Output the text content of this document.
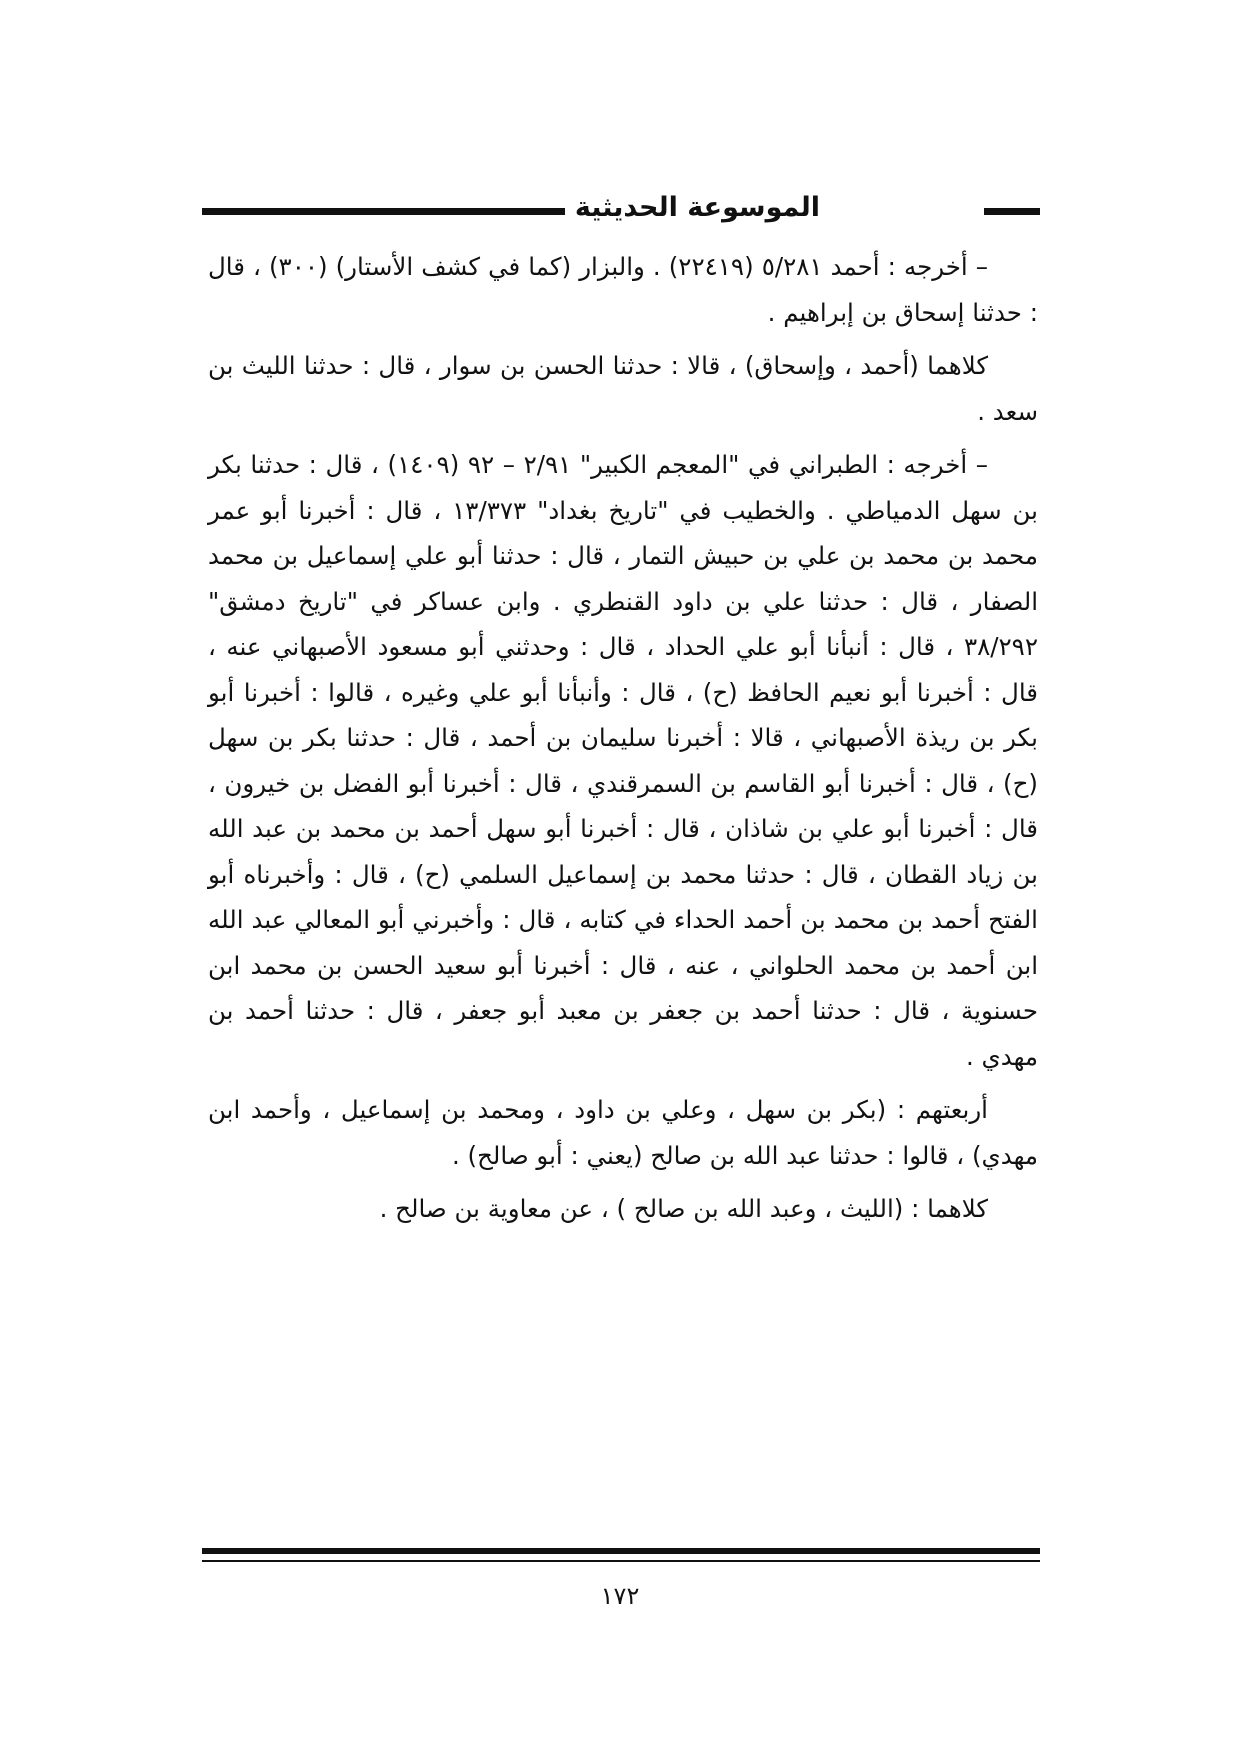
الموسوعة الحديثية

– أخرجه : أحمد ٥/٢٨١ (٢٢٤١٩) . والبزار (كما في كشف الأستار) (٣٠٠) ، قال : حدثنا إسحاق بن إبراهيم .

كلاهما (أحمد ، وإسحاق) ، قالا : حدثنا الحسن بن سوار ، قال : حدثنا الليث بن سعد .

– أخرجه : الطبراني في "المعجم الكبير" ٢/٩١ – ٩٢ (١٤٠٩) ، قال : حدثنا بكر بن سهل الدمياطي . والخطيب في "تاريخ بغداد" ١٣/٣٧٣ ، قال : أخبرنا أبو عمر محمد بن محمد بن علي بن حبيش التمار ، قال : حدثنا أبو علي إسماعيل بن محمد الصفار ، قال : حدثنا علي بن داود القنطري . وابن عساكر في "تاريخ دمشق" ٣٨/٢٩٢ ، قال : أنبأنا أبو علي الحداد ، قال : وحدثني أبو مسعود الأصبهاني عنه ، قال : أخبرنا أبو نعيم الحافظ (ح) ، قال : وأنبأنا أبو علي وغيره ، قالوا : أخبرنا أبو بكر بن ريذة الأصبهاني ، قالا : أخبرنا سليمان بن أحمد ، قال : حدثنا بكر بن سهل (ح) ، قال : أخبرنا أبو القاسم بن السمرقندي ، قال : أخبرنا أبو الفضل بن خيرون ، قال : أخبرنا أبو علي بن شاذان ، قال : أخبرنا أبو سهل أحمد بن محمد بن عبد الله بن زياد القطان ، قال : حدثنا محمد بن إسماعيل السلمي (ح) ، قال : وأخبرناه أبو الفتح أحمد بن محمد بن أحمد الحداء في كتابه ، قال : وأخبرني أبو المعالي عبد الله ابن أحمد بن محمد الحلواني ، عنه ، قال : أخبرنا أبو سعيد الحسن بن محمد ابن حسنوية ، قال : حدثنا أحمد بن جعفر بن معبد أبو جعفر ، قال : حدثنا أحمد بن مهدي .

أربعتهم : (بكر بن سهل ، وعلي بن داود ، ومحمد بن إسماعيل ، وأحمد ابن مهدي) ، قالوا : حدثنا عبد الله بن صالح (يعني : أبو صالح) .

كلاهما : (الليث ، وعبد الله بن صالح ) ، عن معاوية بن صالح .

١٧٢
